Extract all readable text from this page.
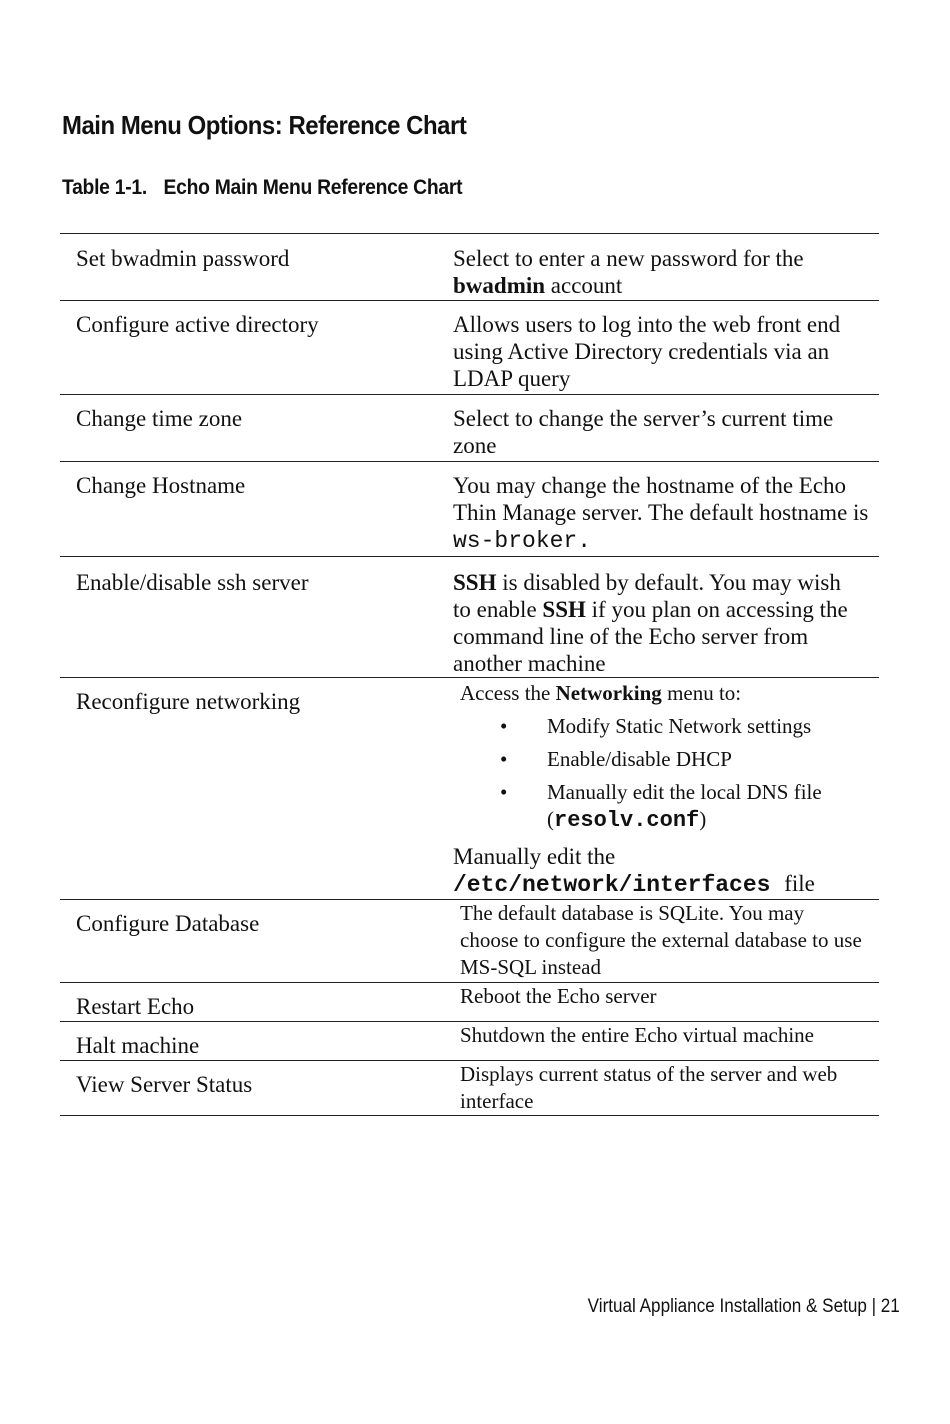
Main Menu Options: Reference Chart
Table 1-1. Echo Main Menu Reference Chart
Set bwadmin password	Select to enter a new password for the bwadmin account
Configure active directory	Allows users to log into the web front end using Active Directory credentials via an LDAP query
Change time zone	Select to change the server’s current time zone
Change Hostname	You may change the hostname of the Echo Thin Manage server. The default hostname is ws-broker.
Enable/disable ssh server	SSH is disabled by default. You may wish to enable SSH if you plan on accessing the command line of the Echo server from another machine
Reconfigure networking	Access the Networking menu to:
• Modify Static Network settings
• Enable/disable DHCP
• Manually edit the local DNS file
(resolv.conf)
Manually edit the
/etc/network/interfaces file
Configure Database	The default database is SQLite. You may choose to configure the external database to use MS-SQL instead
Restart Echo	Reboot the Echo server
Halt machine	Shutdown the entire Echo virtual machine
View Server Status	Displays current status of the server and web interface
Virtual Appliance Installation & Setup | 21
